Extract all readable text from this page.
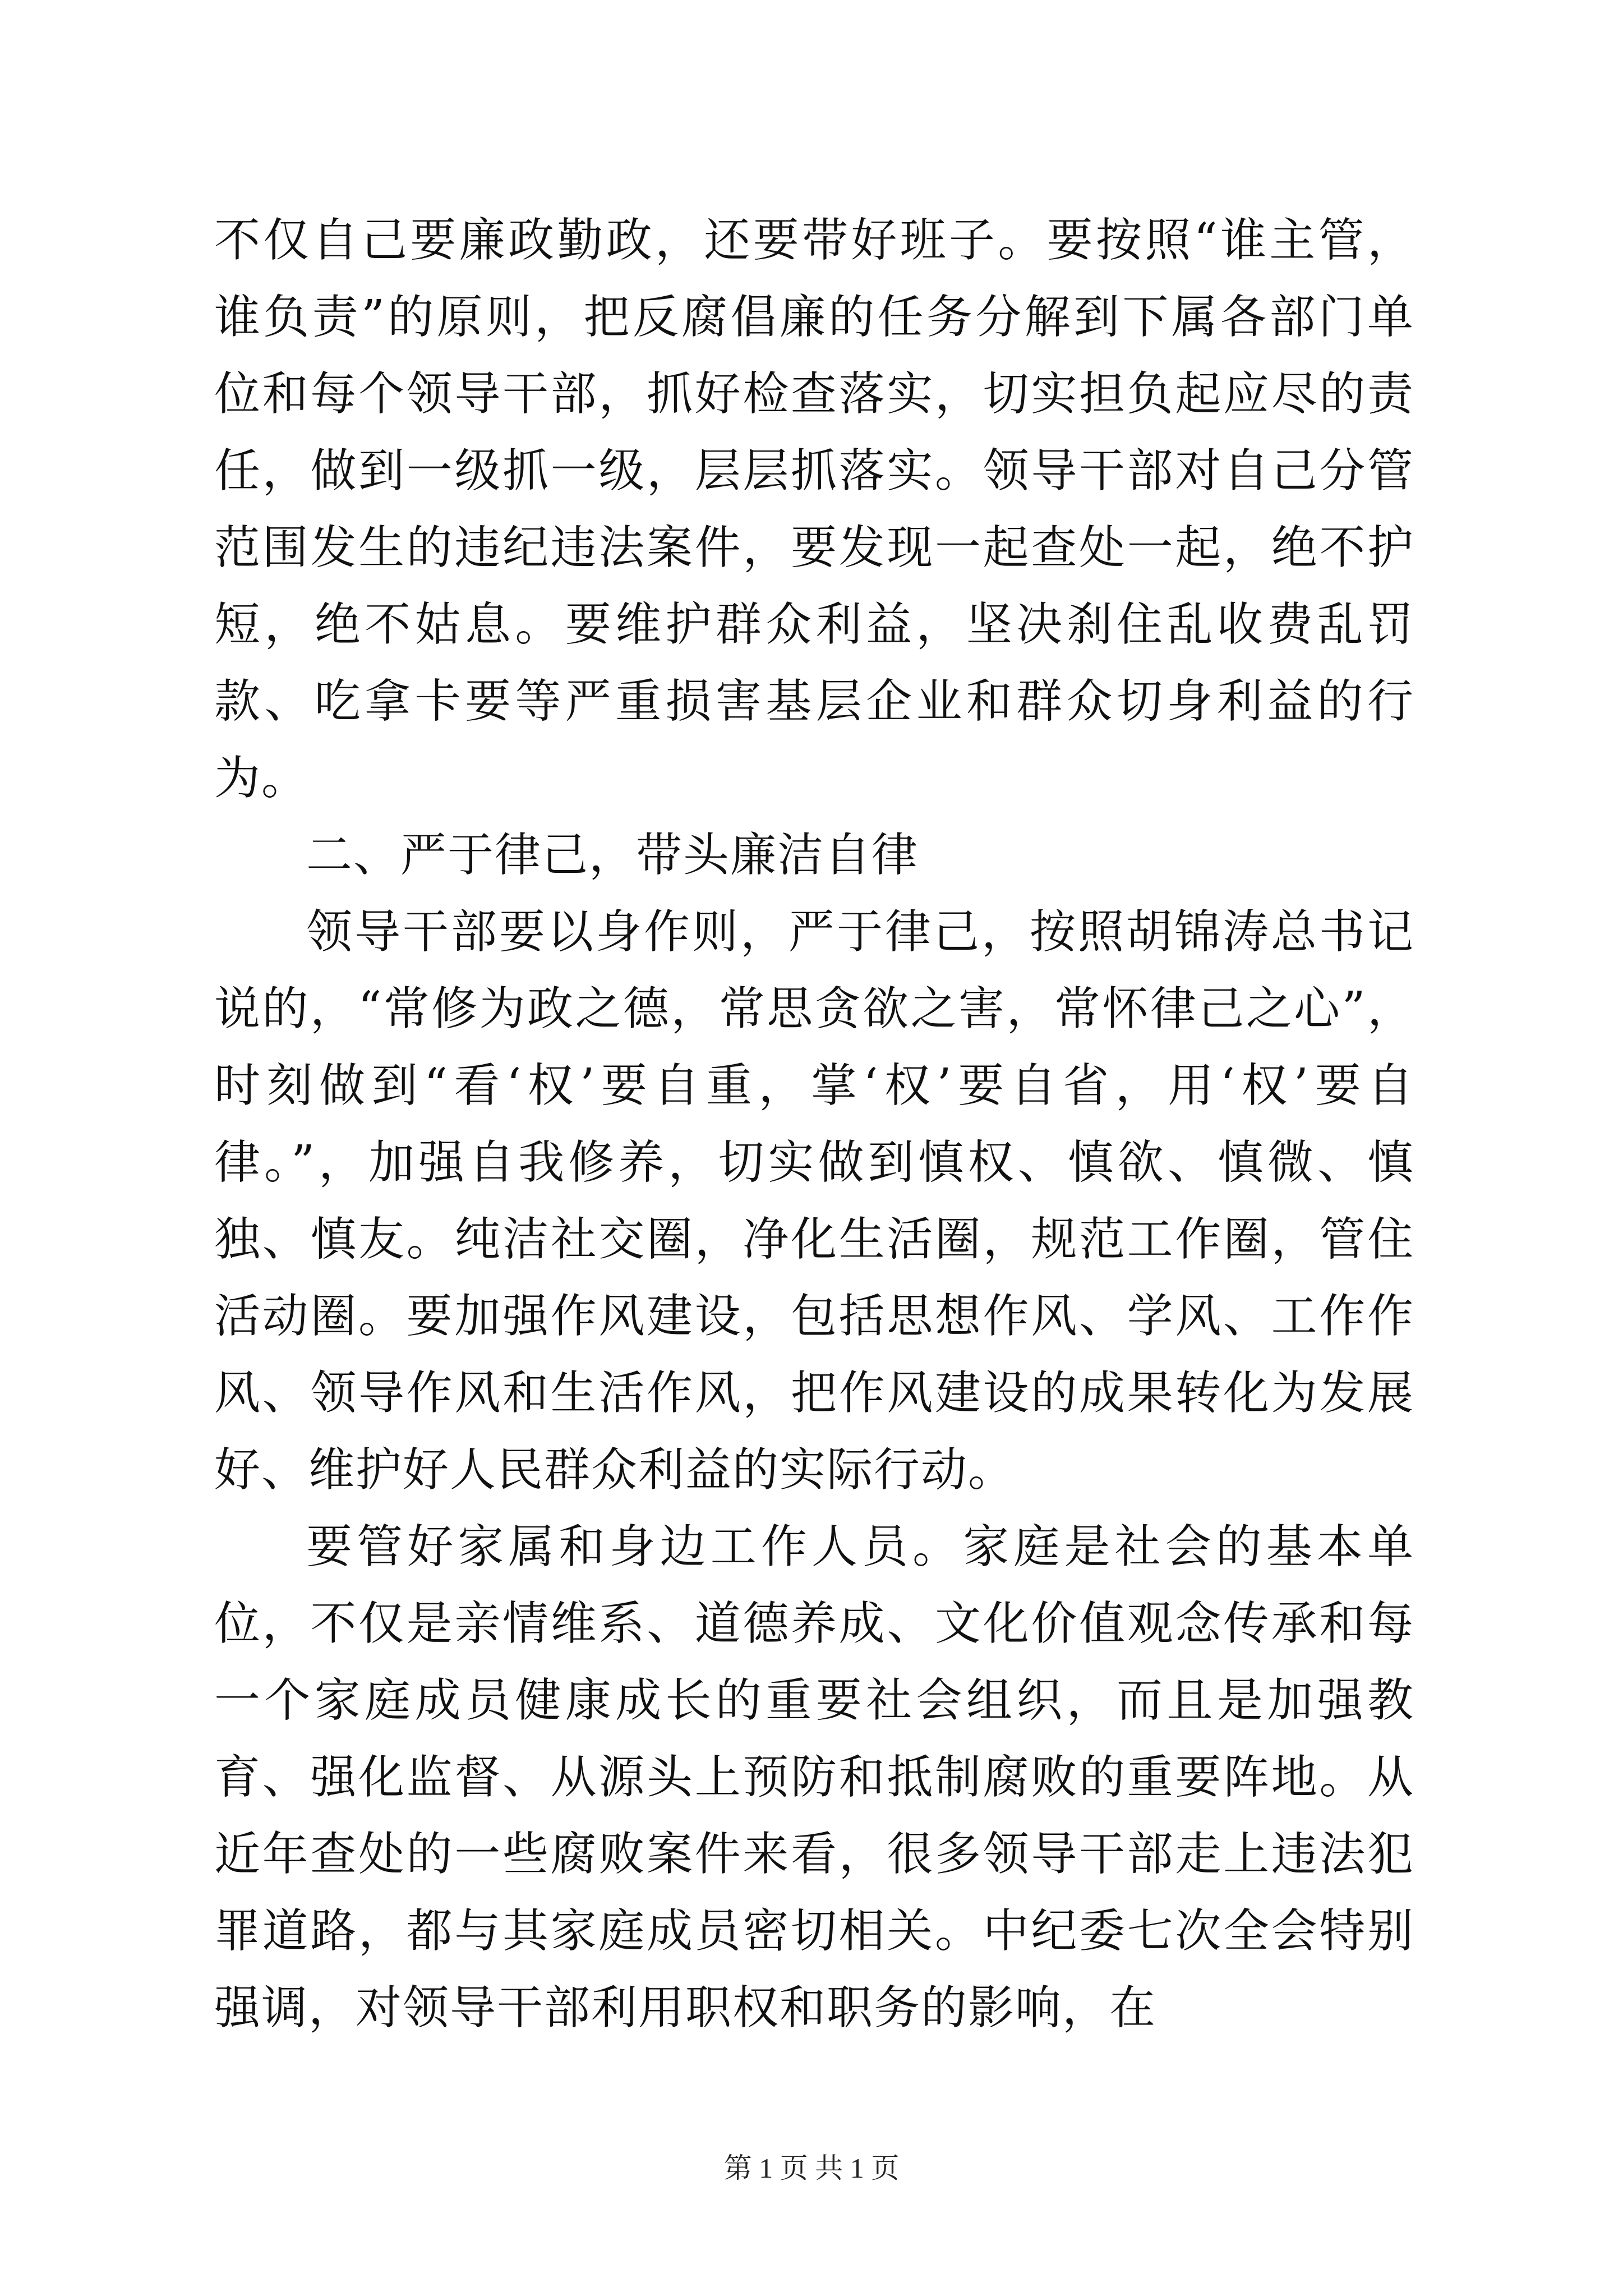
不仅自己要廉政勤政，还要带好班子。要按照“谁主管，谁负责”的原则，把反腐倡廉的任务分解到下属各部门单位和每个领导干部，抓好检查落实，切实担负起应尽的责任，做到一级抓一级，层层抓落实。领导干部对自己分管范围发生的违纪违法案件，要发现一起查处一起，绝不护短，绝不姑息。要维护群众利益，坚决刹住乱收费乱罚款、吃拿卡要等严重损害基层企业和群众切身利益的行为。

二、严于律己，带头廉洁自律

领导干部要以身作则，严于律己，按照胡锦涛总书记说的，“常修为政之德，常思贪欲之害，常怀律己之心”，时刻做到“看‘权’要自重，掌‘权’要自省，用‘权’要自律。”，加强自我修养，切实做到慎权、慎欲、慎微、慎独、慎友。纯洁社交圈，净化生活圈，规范工作圈，管住活动圈。要加强作风建设，包括思想作风、学风、工作作风、领导作风和生活作风，把作风建设的成果转化为发展好、维护好人民群众利益的实际行动。

要管好家属和身边工作人员。家庭是社会的基本单位，不仅是亲情维系、道德养成、文化价值观念传承和每一个家庭成员健康成长的重要社会组织，而且是加强教育、强化监督、从源头上预防和抵制腐败的重要阵地。从近年查处的一些腐败案件来看，很多领导干部走上违法犯罪道路，都与其家庭成员密切相关。中纪委七次全会特别强调，对领导干部利用职权和职务的影响，在

第 1 页 共 1 页
